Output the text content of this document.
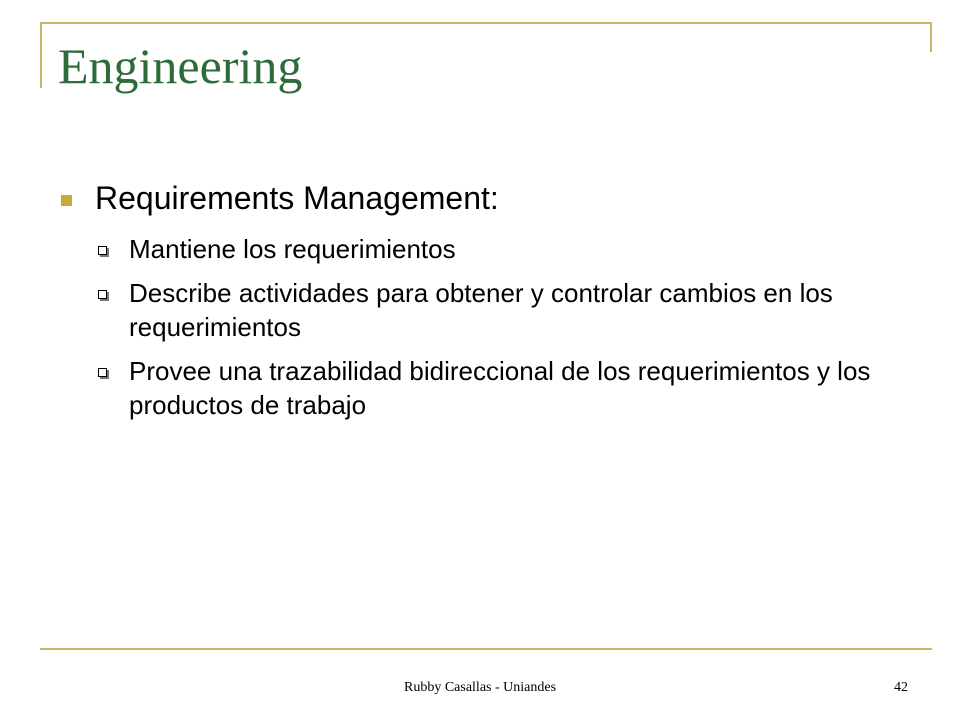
Engineering
Requirements Management:
Mantiene los requerimientos
Describe actividades para obtener y controlar cambios en los requerimientos
Provee una trazabilidad bidireccional de los requerimientos y los productos de trabajo
Rubby Casallas - Uniandes	42
